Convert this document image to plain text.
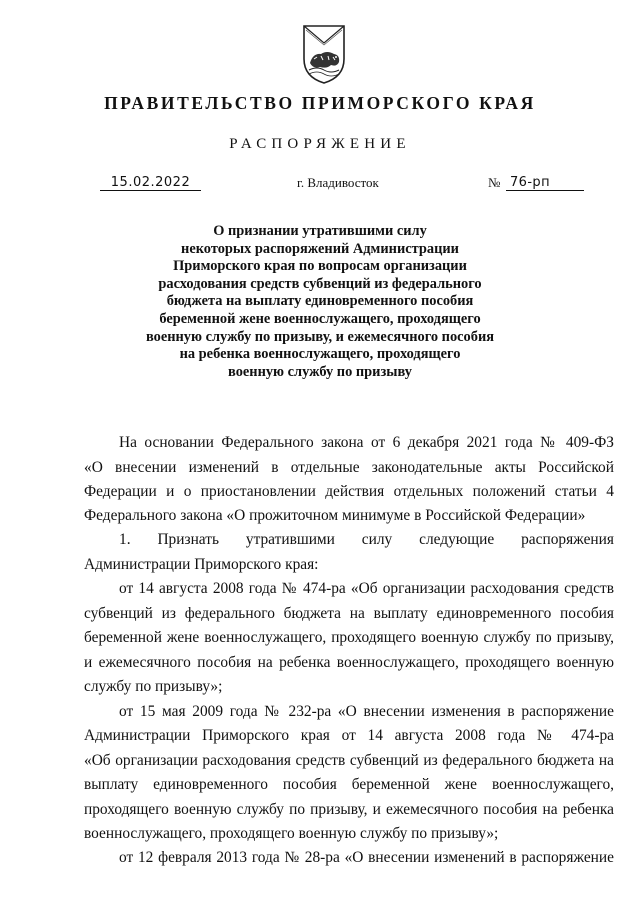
ПРАВИТЕЛЬСТВО ПРИМОРСКОГО КРАЯ
РАСПОРЯЖЕНИЕ
15.02.2022	г. Владивосток	№ 76-рп
О признании утратившими силу
некоторых распоряжений Администрации
Приморского края по вопросам организации
расходования средств субвенций из федерального
бюджета на выплату единовременного пособия
беременной жене военнослужащего, проходящего
военную службу по призыву, и ежемесячного пособия
на ребенка военнослужащего, проходящего
военную службу по призыву
На основании Федерального закона от 6 декабря 2021 года № 409-ФЗ
«О внесении изменений в отдельные законодательные акты Российской
Федерации и о приостановлении действия отдельных положений статьи 4
Федерального закона «О прожиточном минимуме в Российской Федерации»
1. Признать утратившими силу следующие распоряжения
Администрации Приморского края:
от 14 августа 2008 года № 474-ра «Об организации расходования средств
субвенций из федерального бюджета на выплату единовременного пособия
беременной жене военнослужащего, проходящего военную службу по призыву,
и ежемесячного пособия на ребенка военнослужащего, проходящего военную
службу по призыву»;
от 15 мая 2009 года № 232-ра «О внесении изменения в распоряжение
Администрации Приморского края от 14 августа 2008 года № 474-ра
«Об организации расходования средств субвенций из федерального бюджета на
выплату единовременного пособия беременной жене военнослужащего,
проходящего военную службу по призыву, и ежемесячного пособия на ребенка
военнослужащего, проходящего военную службу по призыву»;
от 12 февраля 2013 года № 28-ра «О внесении изменений в распоряжение
